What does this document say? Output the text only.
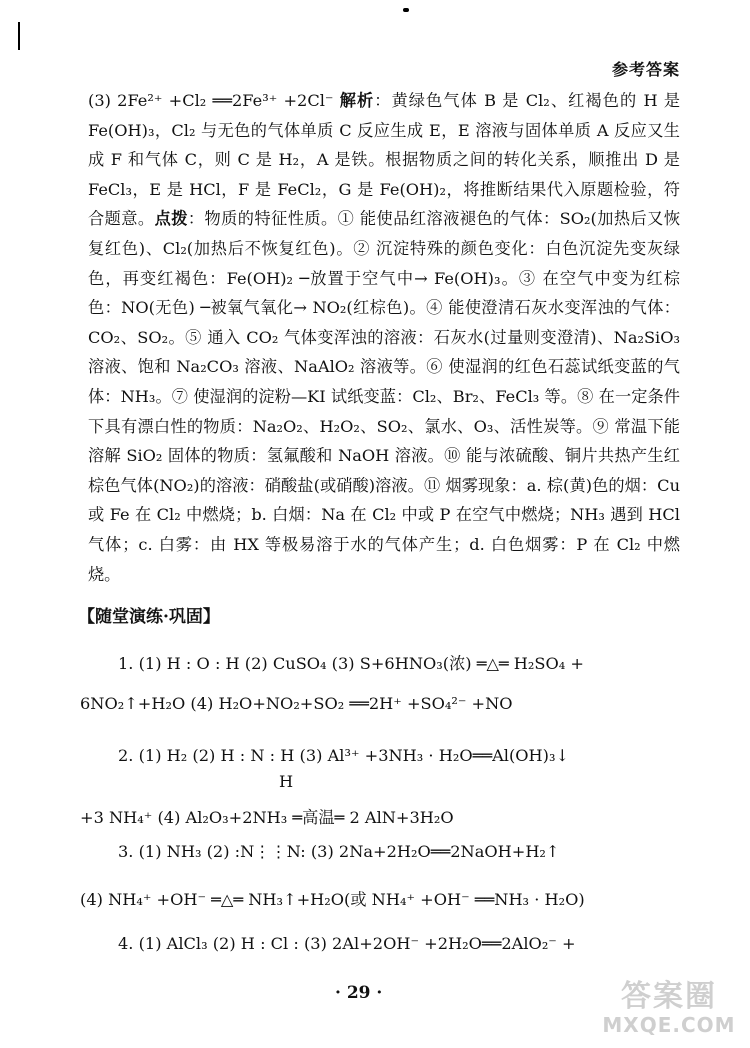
参考答案
(3) 2Fe²⁺ +Cl₂ ══2Fe³⁺ +2Cl⁻ 解析：黄绿色气体 B 是 Cl₂、红褐色的 H 是 Fe(OH)₃，Cl₂ 与无色的气体单质 C 反应生成 E，E 溶液与固体单质 A 反应又生成 F 和气体 C，则 C 是 H₂，A 是铁。根据物质之间的转化关系，顺推出 D 是 FeCl₃，E 是 HCl，F 是 FeCl₂，G 是 Fe(OH)₂，将推断结果代入原题检验，符合题意。点拨：物质的特征性质。① 能使品红溶液褪色的气体：SO₂(加热后又恢复红色)、Cl₂(加热后不恢复红色)。② 沉淀特殊的颜色变化：白色沉淀先变灰绿色，再变红褐色：Fe(OH)₂ ─放置于空气中→ Fe(OH)₃。③ 在空气中变为红棕色：NO(无色) ─被氧气氧化→ NO₂(红棕色)。④ 能使澄清石灰水变浑浊的气体：CO₂、SO₂。⑤ 通入 CO₂ 气体变浑浊的溶液：石灰水(过量则变澄清)、Na₂SiO₃ 溶液、饱和 Na₂CO₃ 溶液、NaAlO₂ 溶液等。⑥ 使湿润的红色石蕊试纸变蓝的气体：NH₃。⑦ 使湿润的淀粉—KI 试纸变蓝：Cl₂、Br₂、FeCl₃ 等。⑧ 在一定条件下具有漂白性的物质：Na₂O₂、H₂O₂、SO₂、氯水、O₃、活性炭等。⑨ 常温下能溶解 SiO₂ 固体的物质：氢氟酸和 NaOH 溶液。⑩ 能与浓硫酸、铜片共热产生红棕色气体(NO₂)的溶液：硝酸盐(或硝酸)溶液。⑪ 烟雾现象：a. 棕(黄)色的烟：Cu 或 Fe 在 Cl₂ 中燃烧；b. 白烟：Na 在 Cl₂ 中或 P 在空气中燃烧；NH₃ 遇到 HCl 气体；c. 白雾：由 HX 等极易溶于水的气体产生；d. 白色烟雾：P 在 Cl₂ 中燃烧。
【随堂演练·巩固】
1. (1) H : O : H (2) CuSO₄ (3) S+6HNO₃(浓) ═△═ H₂SO₄ +
6NO₂↑+H₂O (4) H₂O+NO₂+SO₂ ══2H⁺ +SO₄²⁻ +NO
2. (1) H₂ (2) H : N : H (3) Al³⁺ +3NH₃ · H₂O══Al(OH)₃↓
H
+3 NH₄⁺ (4) Al₂O₃+2NH₃ ═高温═ 2 AlN+3H₂O
3. (1) NH₃ (2) :N⋮⋮N: (3) 2Na+2H₂O══2NaOH+H₂↑
(4) NH₄⁺ +OH⁻ ═△═ NH₃↑+H₂O(或 NH₄⁺ +OH⁻ ══NH₃ · H₂O)
4. (1) AlCl₃ (2) H : Cl : (3) 2Al+2OH⁻ +2H₂O══2AlO₂⁻ +
· 29 ·	答案圈
MXQE.COM
